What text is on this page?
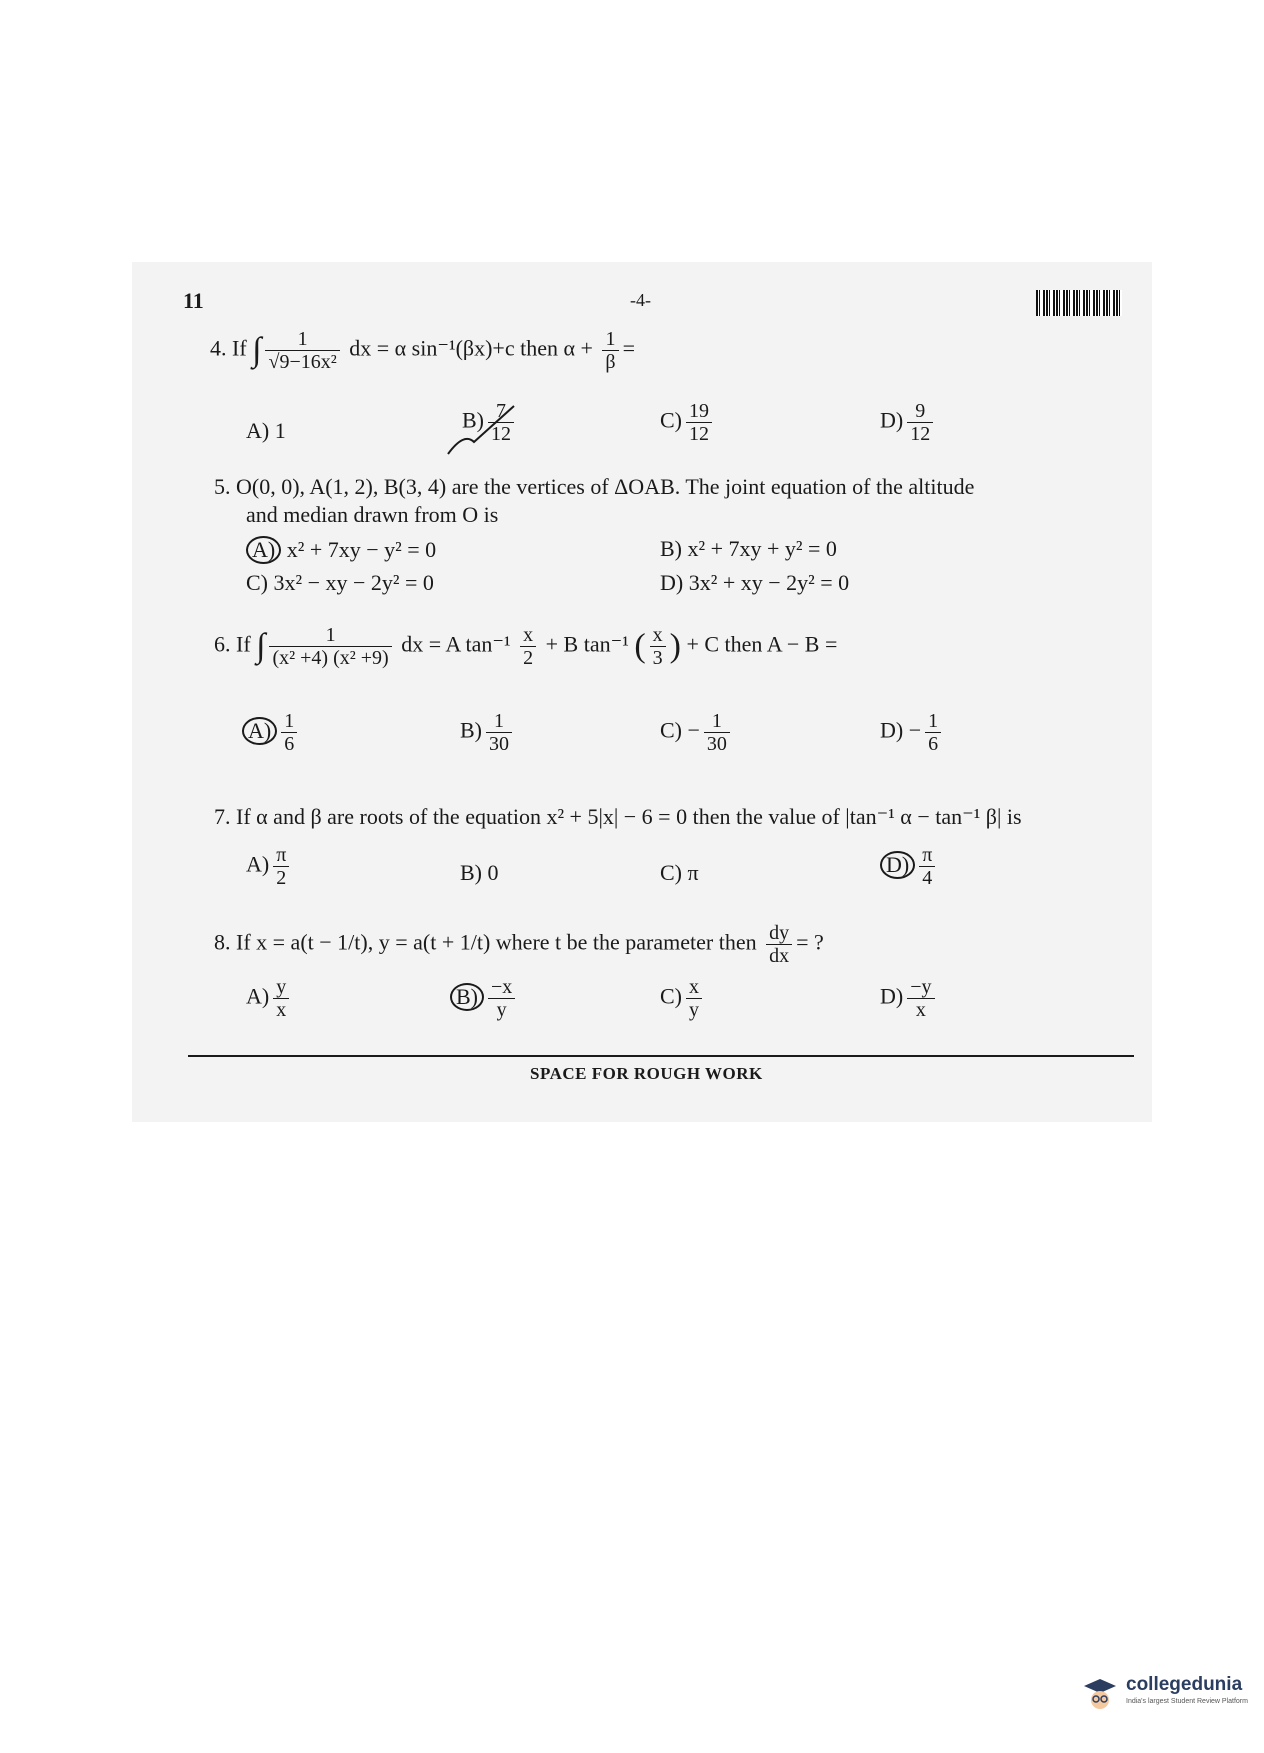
11	-4-
4. If ∫ $\frac{1}{\text{√9−16x²}}$ dx = α sin⁻¹(βx)+c then $\alpha + \frac{1}{\beta}$ =
A) 1	$B) \frac{7}{12}$	$C) \frac{19}{12}$	$D) \frac{9}{12}$
5. O(0, 0), A(1, 2), B(3, 4) are the vertices of ΔOAB. The joint equation of the altitude
and median drawn from O is
A) x² + 7xy − y² = 0	B) x² + 7xy + y² = 0
C) 3x² − xy − 2y² = 0	D) 3x² + xy − 2y² = 0
6. If ∫ $\frac{1}{\text{(x² +4) (x² +9)}}$ dx = A $\tan^{-1} \frac{x}{2} + B$ tan⁻¹ ( $\frac{x}{3}$ ) + C then A − B =
$A) \frac{1}{6}$	$B) \frac{1}{30}$	$C) - \frac{1}{30}$	$D) - \frac{1}{6}$
7. If α and β are roots of the equation x² + 5|x| − 6 = 0 then the value of |tan⁻¹ α − tan⁻¹ β| is
$A) \frac{\pi}{2}$	B) 0	C) π	$D) \frac{\pi}{4}$
8. If x = a(t − 1/t), y = a(t + 1/t) where t be the parameter then $\frac{dy}{dx}$ = ?
$A) \frac{y}{x}$	$B) \frac{-x}{y}$	$C) \frac{x}{y}$	$D) \frac{-y}{x}$
SPACE FOR ROUGH WORK
collegedunia
India's largest Student Review Platform
